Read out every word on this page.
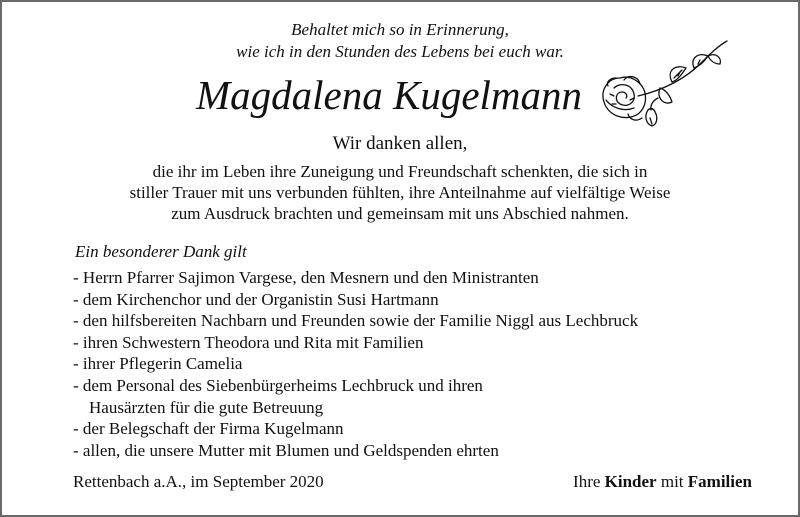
Behaltet mich so in Erinnerung,
wie ich in den Stunden des Lebens bei euch war.
Magdalena Kugelmann
Wir danken allen,
die ihr im Leben ihre Zuneigung und Freundschaft schenkten, die sich in
stiller Trauer mit uns verbunden fühlten, ihre Anteilnahme auf vielfältige Weise
zum Ausdruck brachten und gemeinsam mit uns Abschied nahmen.
Ein besonderer Dank gilt
- Herrn Pfarrer Sajimon Vargese, den Mesnern und den Ministranten
- dem Kirchenchor und der Organistin Susi Hartmann
- den hilfsbereiten Nachbarn und Freunden sowie der Familie Niggl aus Lechbruck
- ihren Schwestern Theodora und Rita mit Familien
- ihrer Pflegerin Camelia
- dem Personal des Siebenbürgerheims Lechbruck und ihren
Hausärzten für die gute Betreuung
- der Belegschaft der Firma Kugelmann
- allen, die unsere Mutter mit Blumen und Geldspenden ehrten
Rettenbach a.A., im September 2020	Ihre Kinder mit Familien
